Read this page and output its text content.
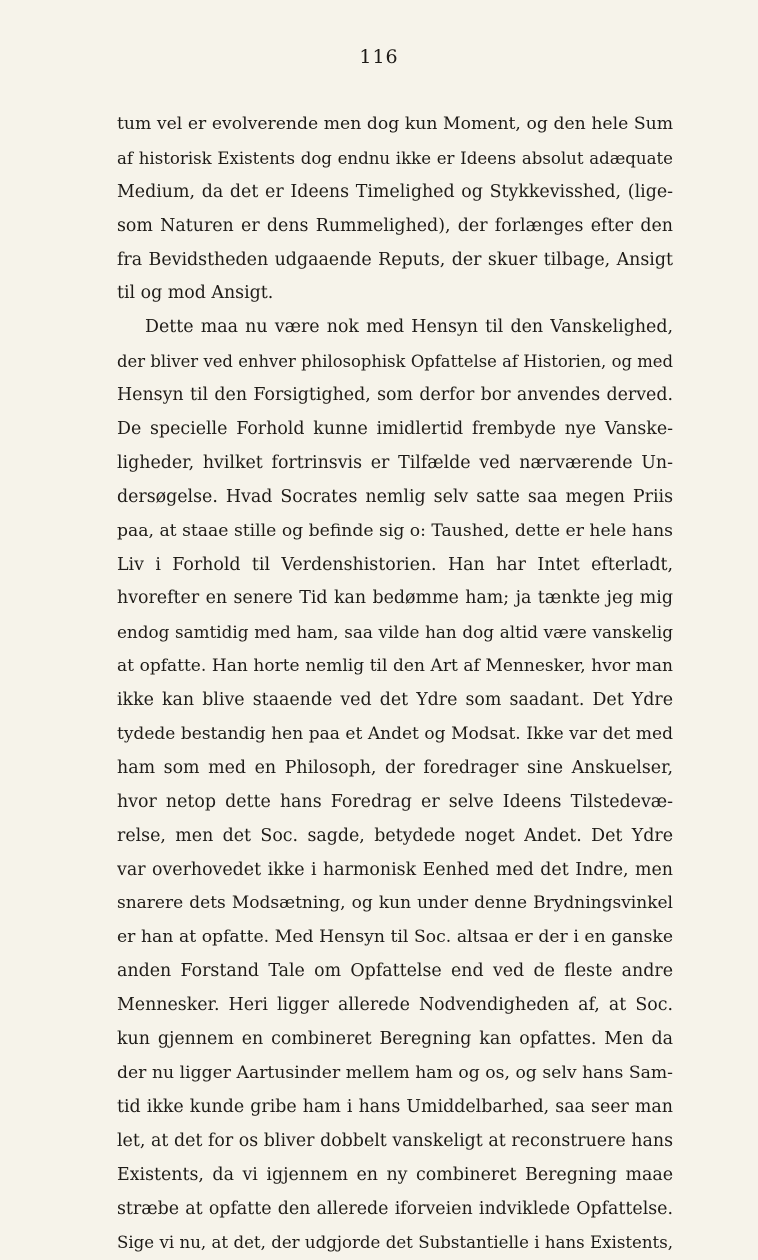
116
tum vel er evolverende men dog kun Moment, og den hele Sum
af historisk Existents dog endnu ikke er Ideens absolut adæquate
Medium, da det er Ideens Timelighed og Stykkevisshed, (lige-
som Naturen er dens Rummelighed), der forlænges efter den
fra Bevidstheden udgaaende Reputs, der skuer tilbage, Ansigt
til og mod Ansigt.
Dette maa nu være nok med Hensyn til den Vanskelighed,
der bliver ved enhver philosophisk Opfattelse af Historien, og med
Hensyn til den Forsigtighed, som derfor bor anvendes derved.
De specielle Forhold kunne imidlertid frembyde nye Vanske-
ligheder, hvilket fortrinsvis er Tilfælde ved nærværende Un-
dersøgelse. Hvad Socrates nemlig selv satte saa megen Priis
paa, at staae stille og befinde sig o: Taushed, dette er hele hans
Liv i Forhold til Verdenshistorien. Han har Intet efterladt,
hvorefter en senere Tid kan bedømme ham; ja tænkte jeg mig
endog samtidig med ham, saa vilde han dog altid være vanskelig
at opfatte. Han horte nemlig til den Art af Mennesker, hvor man
ikke kan blive staaende ved det Ydre som saadant. Det Ydre
tydede bestandig hen paa et Andet og Modsat. Ikke var det med
ham som med en Philosoph, der foredrager sine Anskuelser,
hvor netop dette hans Foredrag er selve Ideens Tilstedevæ-
relse, men det Soc. sagde, betydede noget Andet. Det Ydre
var overhovedet ikke i harmonisk Eenhed med det Indre, men
snarere dets Modsætning, og kun under denne Brydningsvinkel
er han at opfatte. Med Hensyn til Soc. altsaa er der i en ganske
anden Forstand Tale om Opfattelse end ved de fleste andre
Mennesker. Heri ligger allerede Nodvendigheden af, at Soc.
kun gjennem en combineret Beregning kan opfattes. Men da
der nu ligger Aartusinder mellem ham og os, og selv hans Sam-
tid ikke kunde gribe ham i hans Umiddelbarhed, saa seer man
let, at det for os bliver dobbelt vanskeligt at reconstruere hans
Existents, da vi igjennem en ny combineret Beregning maae
stræbe at opfatte den allerede iforveien indviklede Opfattelse.
Sige vi nu, at det, der udgjorde det Substantielle i hans Existents,
